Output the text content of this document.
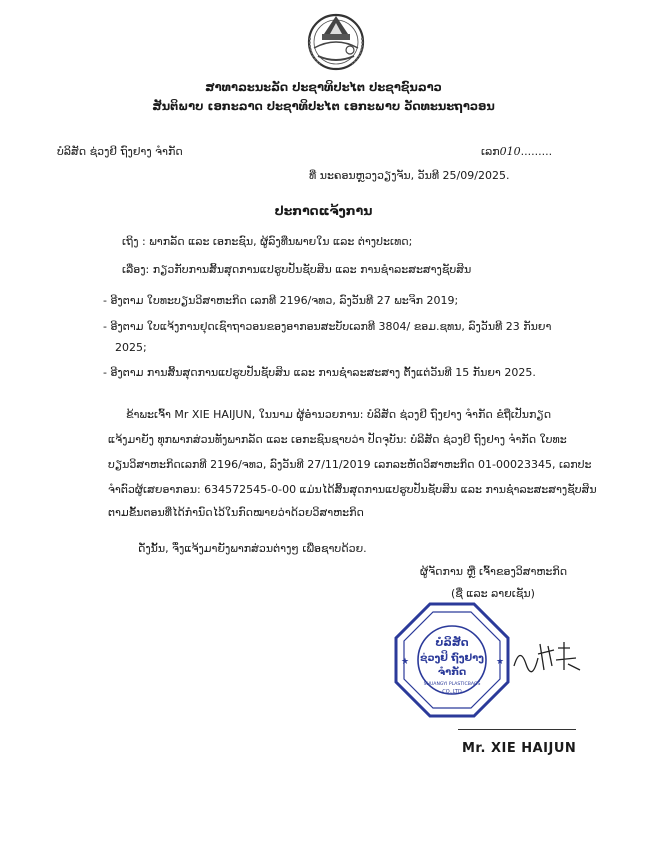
ສາທາລະນະລັດ ປະຊາທິປະໄຕ ປະຊາຊົນລາວ
ສັນຕິພາບ ເອກະລາດ ປະຊາທິປະໄຕ ເອກະພາບ ວັດທະນະຖາວອນ
ບໍລິສັດ ຊ່ວງຢິ ຖົງຢາງ ຈຳກັດ	ເລກ010.........
ທີ່ ນະຄອນຫຼວງວຽງຈັນ, ວັນທີ 25/09/2025.
ປະກາດແຈ້ງການ
ເຖິງ : ພາກລັດ ແລະ ເອກະຊົນ, ຜູ້ລົງທືນພາຍໃນ ແລະ ຕ່າງປະເທດ;
ເລື່ອງ: ກຽວກັບການສິ້ນສຸດການແປຮູບປັນຊັບສິນ ແລະ ການຊຳລະສະສາງຊັບສິນ
- ອີງຕາມ ໃບທະບຽນວິສາຫະກິດ ເລກທີ 2196/ຈທວ, ລົງວັນທີ 27 ພະຈິກ 2019;
- ອີງຕາມ ໃບແຈ້ງການຢຸດເຊົາຖາວອນຂອງອາກອນສະບັບເລກທີ 3804/ ຂອມ.ຊທນ, ລົງວັນທີ 23 ກັນຍາ
2025;
- ອີງຕາມ ການສິ້ນສຸດການແປຮູບປັນຊັບສິນ ແລະ ການຊຳລະສະສາງ ຕັ້ງແຕ່ວັນທີ 15 ກັນຍາ 2025.
ຂ້າພະເຈົ້າ Mr XIE HAIJUN, ໃນນາມ ຜູ້ອຳນວຍການ: ບໍລິສັດ ຊ່ວງຢິ ຖົງຢາງ ຈຳກັດ ຂໍຖືເປັນກຽດ
ແຈ້ງມາຍັງ ທຸກພາກສ່ວນທັງພາກລັດ ແລະ ເອກະຊົນຊາບວ່າ ປັດຈຸບັນ: ບໍລິສັດ ຊ່ວງຢິ ຖົງຢາງ ຈຳກັດ ໃບທະ
ບຽນວິສາຫະກິດເລກທີ 2196/ຈທວ, ລົງວັນທີ 27/11/2019 ເລກລະຫັດວິສາຫະກິດ 01-00023345, ເລກປະ
ຈຳຕົວຜູ້ເສຍອາກອນ: 634572545-0-00 ແມ່ນໄດ້ສິ້ນສຸດການແປຮູບປັນຊັບສິນ ແລະ ການຊຳລະສະສາງຊັບສິນ
ຕາມຂັ້ນຕອນທີ່ໄດ້ກຳນົດໄວ້ໃນກົດໝາຍວ່າດ້ວຍວິສາຫະກິດ
ດັ່ງນັ້ນ, ຈຶ່ງແຈ້ງມາຍັງພາກສ່ວນຕ່າງໆ ເພື່ອຊາບດ້ວຍ.
ຜູ້ຈັດການ ຫຼື ເຈົ້າຂອງວິສາຫະກິດ
(ຊື່ ແລະ ລາຍເຊັນ)
★	★
ບໍລິສັດ
ຊ່ວງຢິ ຖົງຢາງ
ຈຳກັດ
SHUANGYI PLASTICBAGS
CO.,LTD
Mr. XIE HAIJUN
